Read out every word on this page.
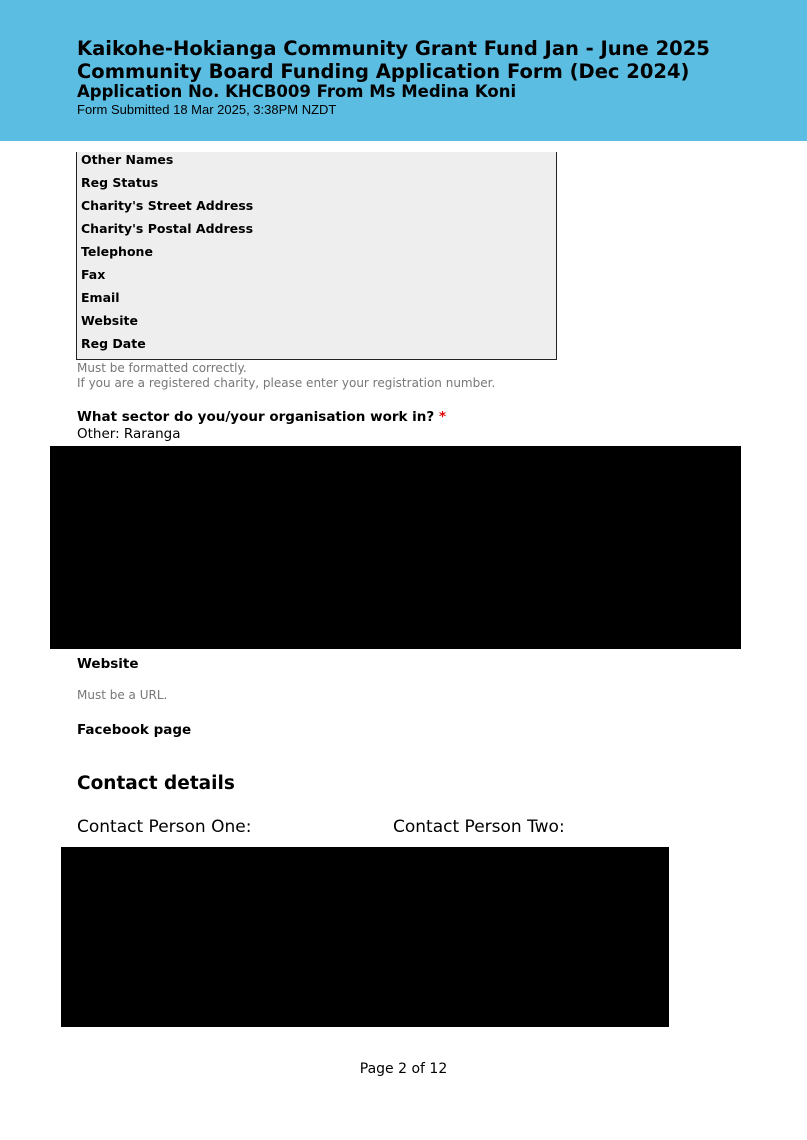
Kaikohe-Hokianga Community Grant Fund Jan - June 2025
Community Board Funding Application Form (Dec 2024)
Application No. KHCB009 From Ms Medina Koni
Form Submitted 18 Mar 2025, 3:38PM NZDT
Other Names
Reg Status
Charity's Street Address
Charity's Postal Address
Telephone
Fax
Email
Website
Reg Date
Must be formatted correctly.
If you are a registered charity, please enter your registration number.
What sector do you/your organisation work in? *
Other: Raranga
Website
Must be a URL.
Facebook page
Contact details
Contact Person One:	Contact Person Two:
Page 2 of 12
